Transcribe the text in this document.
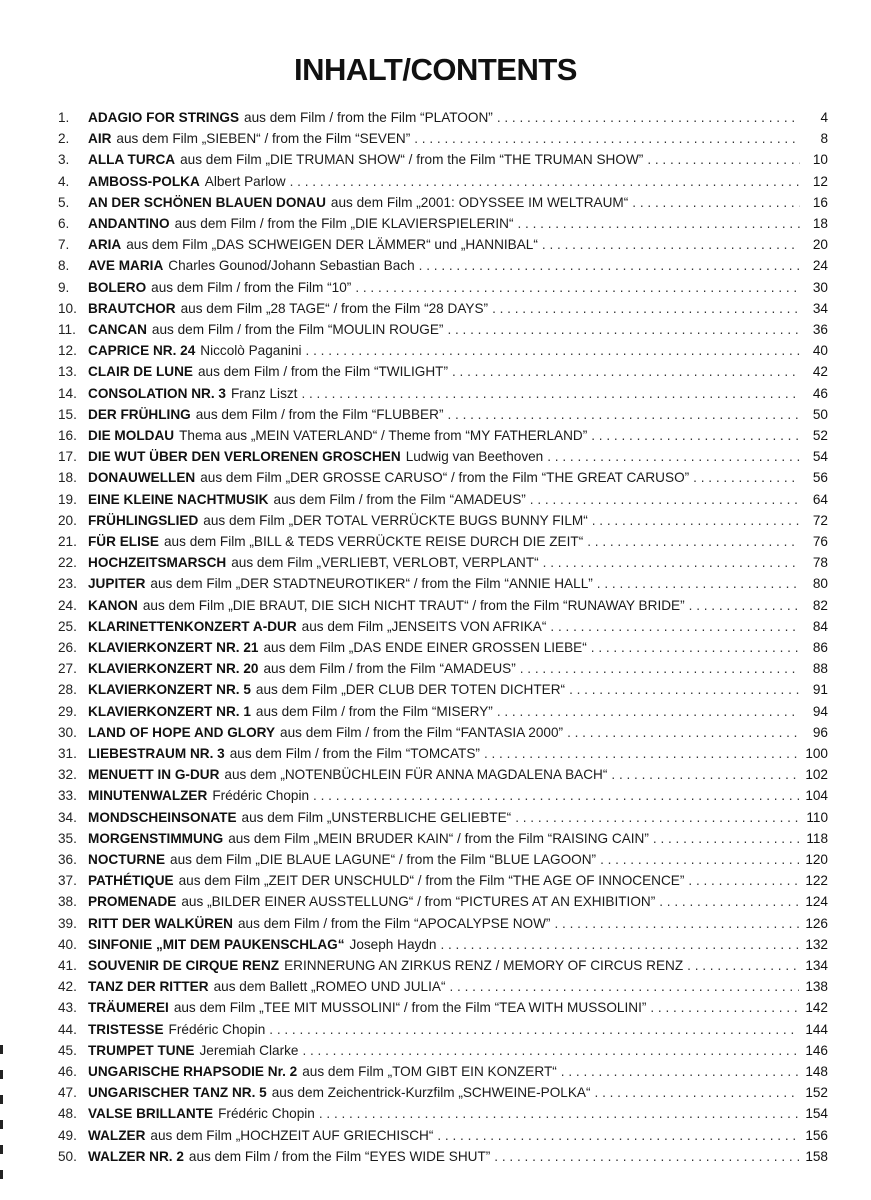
INHALT/CONTENTS
1.	ADAGIO FOR STRINGS aus dem Film / from the Film “PLATOON” . . .	4
2.	AIR aus dem Film „SIEBEN“ / from the Film “SEVEN” . . .	8
3.	ALLA TURCA aus dem Film „DIE TRUMAN SHOW“ / from the Film “THE TRUMAN SHOW” . . .	10
4.	AMBOSS-POLKA Albert Parlow . . .	12
5.	AN DER SCHÖNEN BLAUEN DONAU aus dem Film „2001: ODYSSEE IM WELTRAUM“ . . .	16
6.	ANDANTINO aus dem Film / from the Film „DIE KLAVIERSPIELERIN“ . . .	18
7.	ARIA aus dem Film „DAS SCHWEIGEN DER LÄMMER“ und „HANNIBAL“ . . .	20
8.	AVE MARIA Charles Gounod/Johann Sebastian Bach . . .	24
9.	BOLERO aus dem Film / from the Film “10” . . .	30
10. BRAUTCHOR aus dem Film „28 TAGE“ / from the Film “28 DAYS” . . .	34
11. CANCAN aus dem Film / from the Film “MOULIN ROUGE” . . .	36
12. CAPRICE NR. 24 Niccolò Paganini . . .	40
13. CLAIR DE LUNE aus dem Film / from the Film “TWILIGHT” . . .	42
14. CONSOLATION NR. 3 Franz Liszt . . .	46
15. DER FRÜHLING aus dem Film / from the Film “FLUBBER” . . .	50
16. DIE MOLDAU Thema aus „MEIN VATERLAND“ / Theme from “MY FATHERLAND” . . .	52
17. DIE WUT ÜBER DEN VERLORENEN GROSCHEN Ludwig van Beethoven . . .	54
18. DONAUWELLEN aus dem Film „DER GROSSE CARUSO“ / from the Film “THE GREAT CARUSO” . . .	56
19. EINE KLEINE NACHTMUSIK aus dem Film / from the Film “AMADEUS” . . .	64
20. FRÜHLINGSLIED aus dem Film „DER TOTAL VERRÜCKTE BUGS BUNNY FILM“ . . .	72
21. FÜR ELISE aus dem Film „BILL & TEDS VERRÜCKTE REISE DURCH DIE ZEIT“ . . .	76
22. HOCHZEITSMARSCH aus dem Film „VERLIEBT, VERLOBT, VERPLANT“ . . .	78
23. JUPITER aus dem Film „DER STADTNEUROTIKER“ / from the Film “ANNIE HALL” . . .	80
24. KANON aus dem Film „DIE BRAUT, DIE SICH NICHT TRAUT“ / from the Film “RUNAWAY BRIDE” . . .	82
25. KLARINETTENKONZERT A-DUR aus dem Film „JENSEITS VON AFRIKA“ . . .	84
26. KLAVIERKONZERT NR. 21 aus dem Film „DAS ENDE EINER GROSSEN LIEBE“ . . .	86
27. KLAVIERKONZERT NR. 20 aus dem Film / from the Film “AMADEUS” . . .	88
28. KLAVIERKONZERT NR. 5 aus dem Film „DER CLUB DER TOTEN DICHTER“ . . .	91
29. KLAVIERKONZERT NR. 1 aus dem Film / from the Film “MISERY” . . .	94
30. LAND OF HOPE AND GLORY aus dem Film / from the Film “FANTASIA 2000” . . .	96
31. LIEBESTRAUM NR. 3 aus dem Film / from the Film “TOMCATS” . . .	100
32. MENUETT IN G-DUR aus dem „NOTENBÜCHLEIN FÜR ANNA MAGDALENA BACH“ . . .	102
33. MINUTENWALZER Frédéric Chopin . . .	104
34. MONDSCHEINSONATE aus dem Film „UNSTERBLICHE GELIEBTE“ . . .	110
35. MORGENSTIMMUNG aus dem Film „MEIN BRUDER KAIN“ / from the Film “RAISING CAIN” . . .	118
36. NOCTURNE aus dem Film „DIE BLAUE LAGUNE“ / from the Film “BLUE LAGOON” . . .	120
37. PATHÉTIQUE aus dem Film „ZEIT DER UNSCHULD“ / from the Film “THE AGE OF INNOCENCE” . . .	122
38. PROMENADE aus „BILDER EINER AUSSTELLUNG“ / from “PICTURES AT AN EXHIBITION” . . .	124
39. RITT DER WALKÜREN aus dem Film / from the Film “APOCALYPSE NOW” . . .	126
40. SINFONIE „MIT DEM PAUKENSCHLAG“ Joseph Haydn . . .	132
41. SOUVENIR DE CIRQUE RENZ ERINNERUNG AN ZIRKUS RENZ / MEMORY OF CIRCUS RENZ . . .	134
42. TANZ DER RITTER aus dem Ballett „ROMEO UND JULIA“ . . .	138
43. TRÄUMEREI aus dem Film „TEE MIT MUSSOLINI“ / from the Film “TEA WITH MUSSOLINI” . . .	142
44. TRISTESSE Frédéric Chopin . . .	144
45. TRUMPET TUNE Jeremiah Clarke . . .	146
46. UNGARISCHE RHAPSODIE Nr. 2 aus dem Film „TOM GIBT EIN KONZERT“ . . .	148
47. UNGARISCHER TANZ NR. 5 aus dem Zeichentrick-Kurzfilm „SCHWEINE-POLKA“ . . .	152
48. VALSE BRILLANTE Frédéric Chopin . . .	154
49. WALZER aus dem Film „HOCHZEIT AUF GRIECHISCH“ . . .	156
50. WALZER NR. 2 aus dem Film / from the Film “EYES WIDE SHUT” . . .	158
